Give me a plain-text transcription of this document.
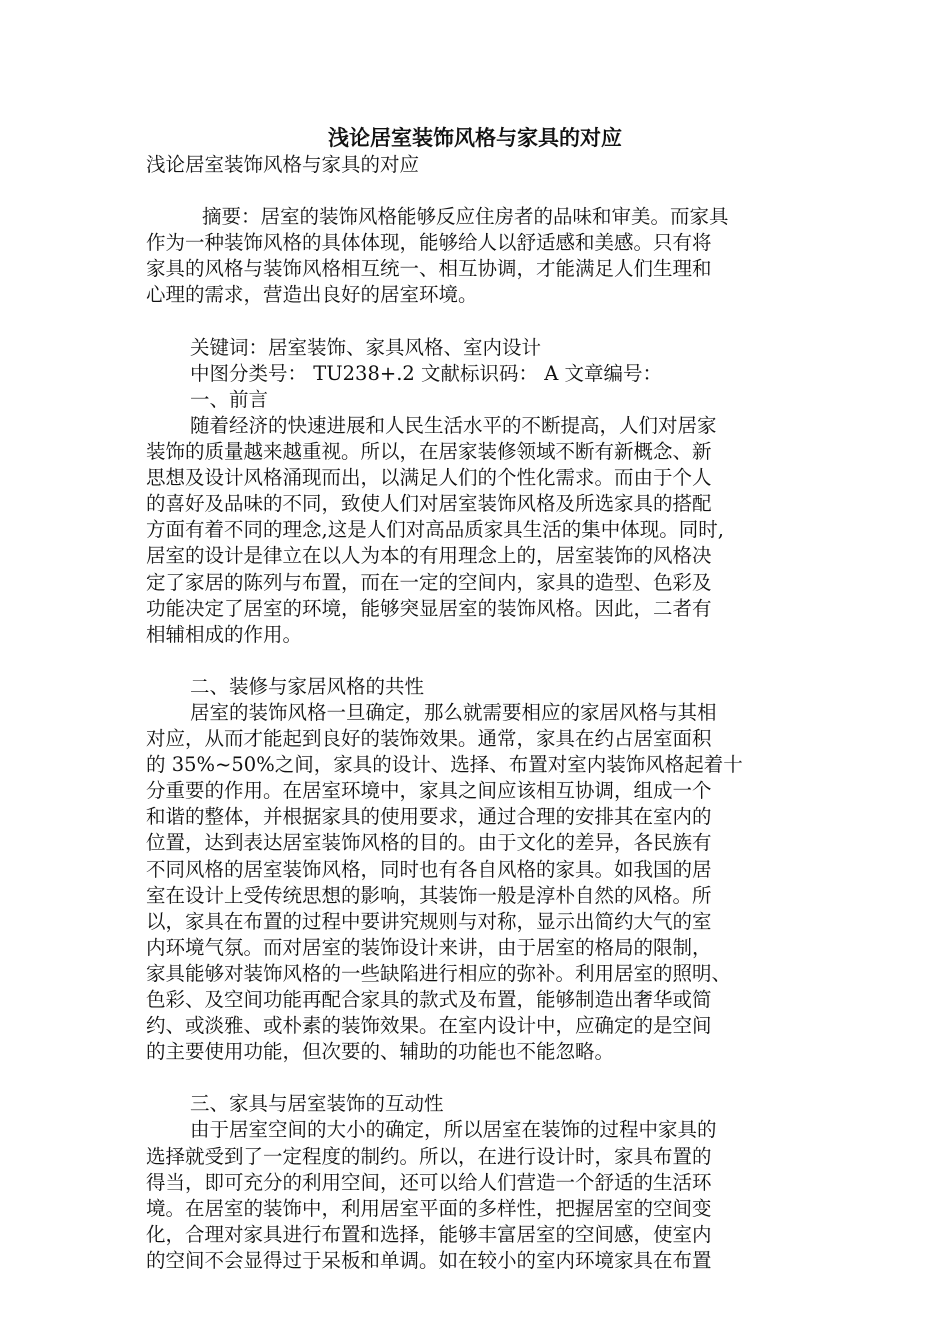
浅论居室装饰风格与家具的对应
浅论居室装饰风格与家具的对应
摘要：居室的装饰风格能够反应住房者的品味和审美。而家具
作为一种装饰风格的具体体现，能够给人以舒适感和美感。只有将
家具的风格与装饰风格相互统一、相互协调，才能满足人们生理和
心理的需求，营造出良好的居室环境。
关键词：居室装饰、家具风格、室内设计
中图分类号： TU238+.2 文献标识码： A 文章编号：
一、前言
随着经济的快速进展和人民生活水平的不断提高，人们对居家
装饰的质量越来越重视。所以，在居家装修领域不断有新概念、新
思想及设计风格涌现而出，以满足人们的个性化需求。而由于个人
的喜好及品味的不同，致使人们对居室装饰风格及所选家具的搭配
方面有着不同的理念,这是人们对高品质家具生活的集中体现。同时,
居室的设计是律立在以人为本的有用理念上的，居室装饰的风格决
定了家居的陈列与布置，而在一定的空间内，家具的造型、色彩及
功能决定了居室的环境，能够突显居室的装饰风格。因此，二者有
相辅相成的作用。
二、装修与家居风格的共性
居室的装饰风格一旦确定，那么就需要相应的家居风格与其相
对应，从而才能起到良好的装饰效果。通常，家具在约占居室面积
的 35%~50%之间，家具的设计、选择、布置对室内装饰风格起着十
分重要的作用。在居室环境中，家具之间应该相互协调，组成一个
和谐的整体，并根据家具的使用要求，通过合理的安排其在室内的
位置，达到表达居室装饰风格的目的。由于文化的差异，各民族有
不同风格的居室装饰风格，同时也有各自风格的家具。如我国的居
室在设计上受传统思想的影响，其装饰一般是淳朴自然的风格。所
以，家具在布置的过程中要讲究规则与对称，显示出简约大气的室
内环境气氛。而对居室的装饰设计来讲，由于居室的格局的限制，
家具能够对装饰风格的一些缺陷进行相应的弥补。利用居室的照明、
色彩、及空间功能再配合家具的款式及布置，能够制造出奢华或简
约、或淡雅、或朴素的装饰效果。在室内设计中，应确定的是空间
的主要使用功能，但次要的、辅助的功能也不能忽略。
三、家具与居室装饰的互动性
由于居室空间的大小的确定，所以居室在装饰的过程中家具的
选择就受到了一定程度的制约。所以，在进行设计时，家具布置的
得当，即可充分的利用空间，还可以给人们营造一个舒适的生活环
境。在居室的装饰中，利用居室平面的多样性，把握居室的空间变
化，合理对家具进行布置和选择，能够丰富居室的空间感，使室内
的空间不会显得过于呆板和单调。如在较小的室内环境家具在布置
